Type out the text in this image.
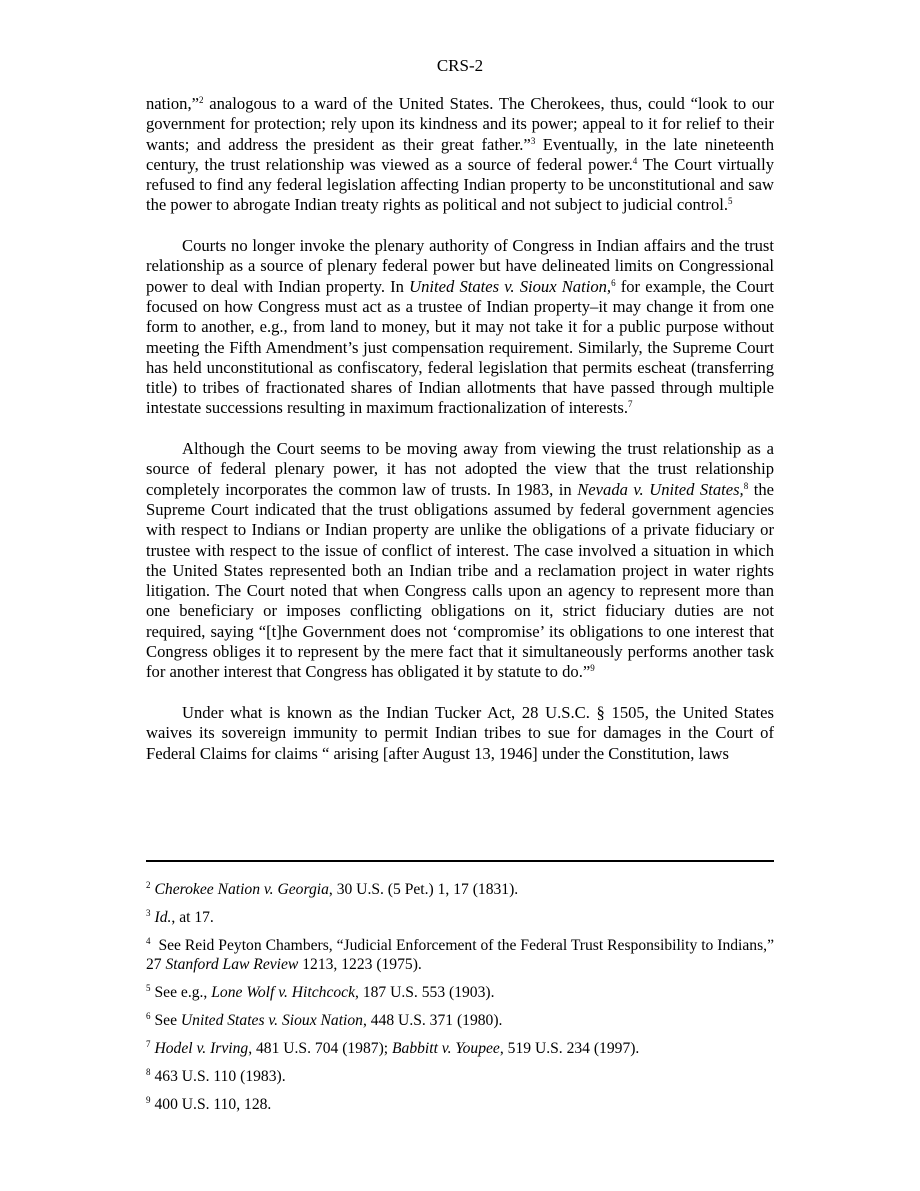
CRS-2

nation,”$^2$ analogous to a ward of the United States. The Cherokees, thus, could “look to our government for protection; rely upon its kindness and its power; appeal to it for relief to their wants; and address the president as their great father.”$^3$ Eventually, in the late nineteenth century, the trust relationship was viewed as a source of federal power.$^4$ The Court virtually refused to find any federal legislation affecting Indian property to be unconstitutional and saw the power to abrogate Indian treaty rights as political and not subject to judicial control.$^5$

Courts no longer invoke the plenary authority of Congress in Indian affairs and the trust relationship as a source of plenary federal power but have delineated limits on Congressional power to deal with Indian property. In United States v. Sioux Nation,$^6$ for example, the Court focused on how Congress must act as a trustee of Indian property–it may change it from one form to another, e.g., from land to money, but it may not take it for a public purpose without meeting the Fifth Amendment’s just compensation requirement. Similarly, the Supreme Court has held unconstitutional as confiscatory, federal legislation that permits escheat (transferring title) to tribes of fractionated shares of Indian allotments that have passed through multiple intestate successions resulting in maximum fractionalization of interests.$^7$

Although the Court seems to be moving away from viewing the trust relationship as a source of federal plenary power, it has not adopted the view that the trust relationship completely incorporates the common law of trusts. In 1983, in Nevada v. United States,$^8$ the Supreme Court indicated that the trust obligations assumed by federal government agencies with respect to Indians or Indian property are unlike the obligations of a private fiduciary or trustee with respect to the issue of conflict of interest. The case involved a situation in which the United States represented both an Indian tribe and a reclamation project in water rights litigation. The Court noted that when Congress calls upon an agency to represent more than one beneficiary or imposes conflicting obligations on it, strict fiduciary duties are not required, saying “[t]he Government does not ‘compromise’ its obligations to one interest that Congress obliges it to represent by the mere fact that it simultaneously performs another task for another interest that Congress has obligated it by statute to do.”$^9$

Under what is known as the Indian Tucker Act, 28 U.S.C. § 1505, the United States waives its sovereign immunity to permit Indian tribes to sue for damages in the Court of Federal Claims for claims “ arising [after August 13, 1946] under the Constitution, laws

$^2$ Cherokee Nation v. Georgia, 30 U.S. (5 Pet.) 1, 17 (1831).
$^3$ Id., at 17.
$^4$ See Reid Peyton Chambers, “Judicial Enforcement of the Federal Trust Responsibility to Indians,” 27 Stanford Law Review 1213, 1223 (1975).
$^5$ See e.g., Lone Wolf v. Hitchcock, 187 U.S. 553 (1903).
$^6$ See United States v. Sioux Nation, 448 U.S. 371 (1980).
$^7$ Hodel v. Irving, 481 U.S. 704 (1987); Babbitt v. Youpee, 519 U.S. 234 (1997).
$^8$ 463 U.S. 110 (1983).
$^9$ 400 U.S. 110, 128.
